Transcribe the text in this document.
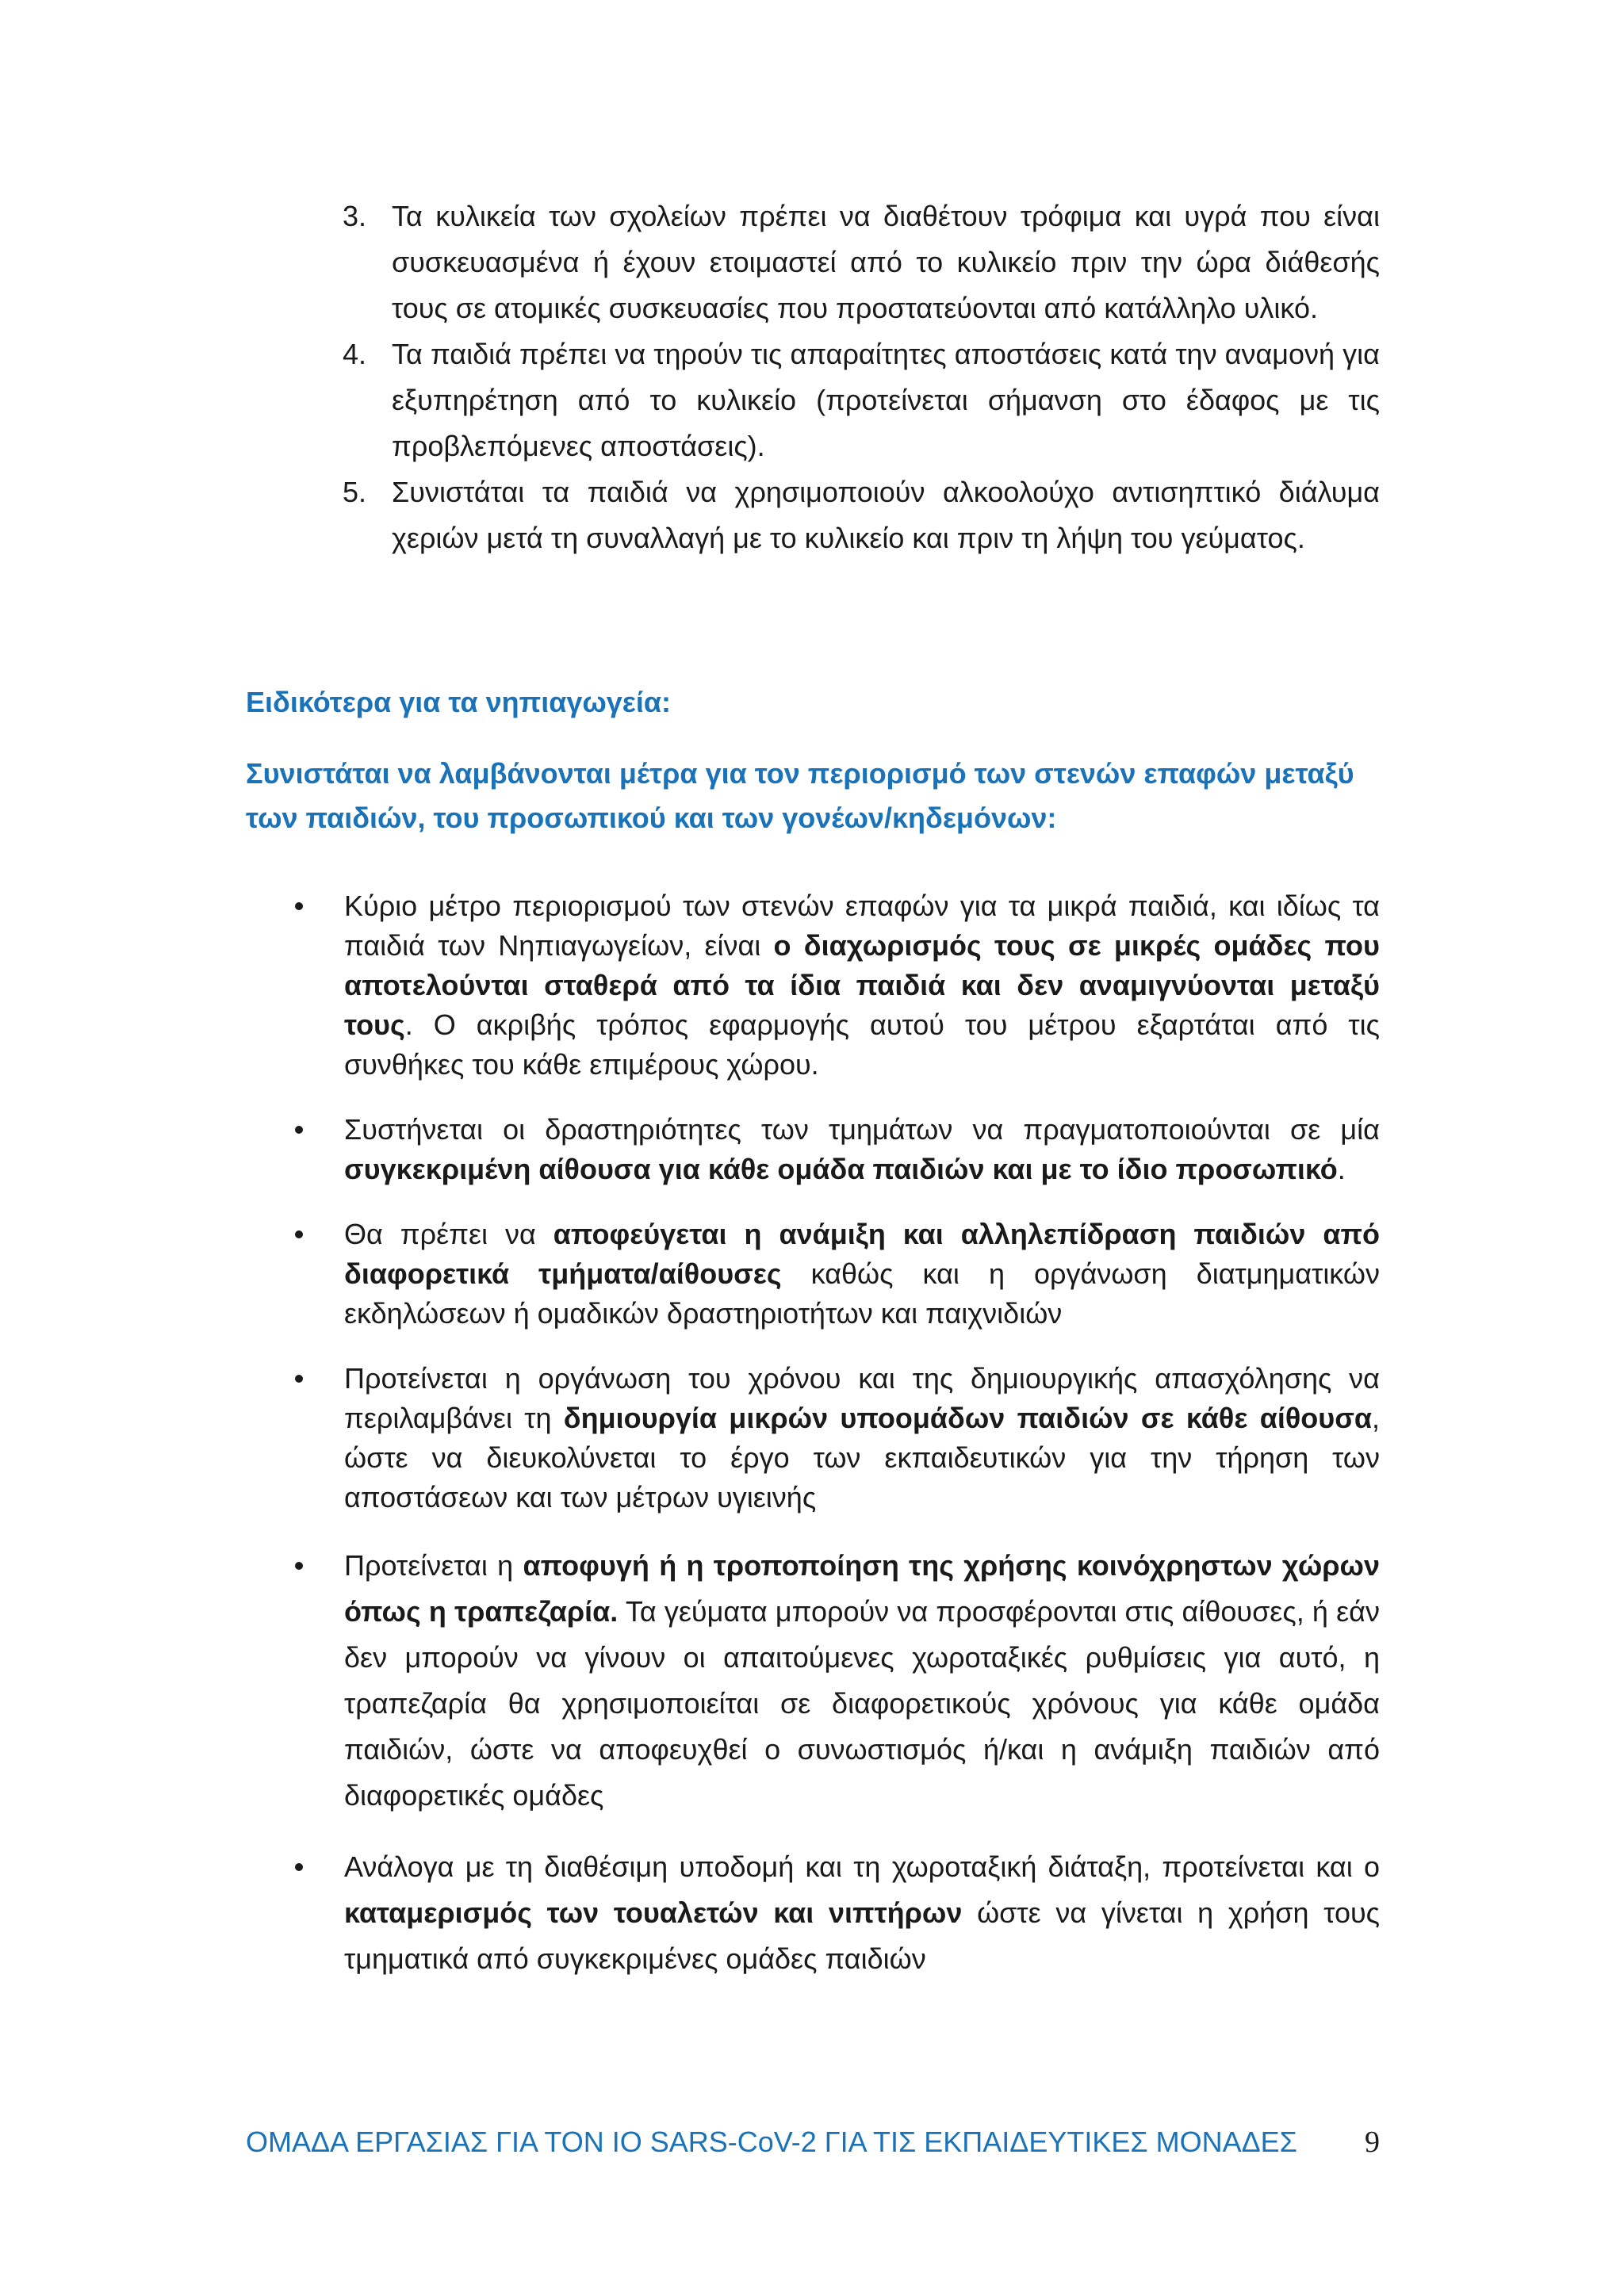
3. Τα κυλικεία των σχολείων πρέπει να διαθέτουν τρόφιμα και υγρά που είναι συσκευασμένα ή έχουν ετοιμαστεί από το κυλικείο πριν την ώρα διάθεσής τους σε ατομικές συσκευασίες που προστατεύονται από κατάλληλο υλικό.
4. Τα παιδιά πρέπει να τηρούν τις απαραίτητες αποστάσεις κατά την αναμονή για εξυπηρέτηση από το κυλικείο (προτείνεται σήμανση στο έδαφος με τις προβλεπόμενες αποστάσεις).
5. Συνιστάται τα παιδιά να χρησιμοποιούν αλκοολούχο αντισηπτικό διάλυμα χεριών μετά τη συναλλαγή με το κυλικείο και πριν τη λήψη του γεύματος.

Ειδικότερα για τα νηπιαγωγεία:

Συνιστάται να λαμβάνονται μέτρα για τον περιορισμό των στενών επαφών μεταξύ των παιδιών, του προσωπικού και των γονέων/κηδεμόνων:

Κύριο μέτρο περιορισμού των στενών επαφών για τα μικρά παιδιά, και ιδίως τα παιδιά των Νηπιαγωγείων, είναι ο διαχωρισμός τους σε μικρές ομάδες που αποτελούνται σταθερά από τα ίδια παιδιά και δεν αναμιγνύονται μεταξύ τους. Ο ακριβής τρόπος εφαρμογής αυτού του μέτρου εξαρτάται από τις συνθήκες του κάθε επιμέρους χώρου.
Συστήνεται οι δραστηριότητες των τμημάτων να πραγματοποιούνται σε μία συγκεκριμένη αίθουσα για κάθε ομάδα παιδιών και με το ίδιο προσωπικό.
Θα πρέπει να αποφεύγεται η ανάμιξη και αλληλεπίδραση παιδιών από διαφορετικά τμήματα/αίθουσες καθώς και η οργάνωση διατμηματικών εκδηλώσεων ή ομαδικών δραστηριοτήτων και παιχνιδιών
Προτείνεται η οργάνωση του χρόνου και της δημιουργικής απασχόλησης να περιλαμβάνει τη δημιουργία μικρών υποομάδων παιδιών σε κάθε αίθουσα, ώστε να διευκολύνεται το έργο των εκπαιδευτικών για την τήρηση των αποστάσεων και των μέτρων υγιεινής
Προτείνεται η αποφυγή ή η τροποποίηση της χρήσης κοινόχρηστων χώρων όπως η τραπεζαρία. Τα γεύματα μπορούν να προσφέρονται στις αίθουσες, ή εάν δεν μπορούν να γίνουν οι απαιτούμενες χωροταξικές ρυθμίσεις για αυτό, η τραπεζαρία θα χρησιμοποιείται σε διαφορετικούς χρόνους για κάθε ομάδα παιδιών, ώστε να αποφευχθεί ο συνωστισμός ή/και η ανάμιξη παιδιών από διαφορετικές ομάδες
Ανάλογα με τη διαθέσιμη υποδομή και τη χωροταξική διάταξη, προτείνεται και ο καταμερισμός των τουαλετών και νιπτήρων ώστε να γίνεται η χρήση τους τμηματικά από συγκεκριμένες ομάδες παιδιών
ΟΜΑΔΑ ΕΡΓΑΣΙΑΣ ΓΙΑ ΤΟΝ ΙΟ SARS-CoV-2 ΓΙΑ ΤΙΣ ΕΚΠΑΙΔΕΥΤΙΚΕΣ ΜΟΝΑΔΕΣ 9
